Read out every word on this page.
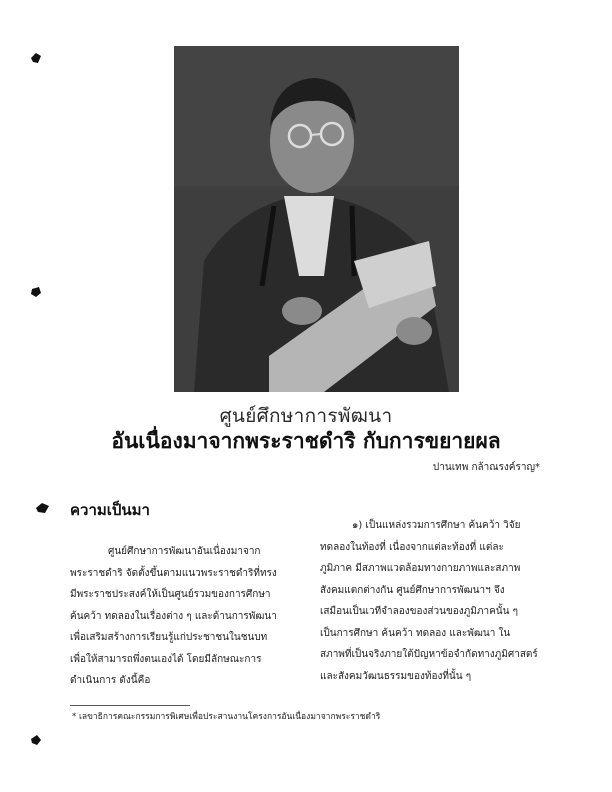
ศูนย์ศึกษาการพัฒนา
อันเนื่องมาจากพระราชดำริ กับการขยายผล
ปานเทพ กล้าณรงค์ราญ*
ความเป็นมา

ศูนย์ศึกษาการพัฒนาอันเนื่องมาจาก

พระราชดำริ จัดตั้งขึ้นตามแนวพระราชดำริที่ทรง

มีพระราชประสงค์ให้เป็นศูนย์รวมของการศึกษา

ค้นคว้า ทดลองในเรื่องต่าง ๆ และด้านการพัฒนา

เพื่อเสริมสร้างการเรียนรู้แก่ประชาชนในชนบท

เพื่อให้สามารถพึ่งตนเองได้ โดยมีลักษณะการ

ดำเนินการ ดังนี้คือ

๑) เป็นแหล่งรวมการศึกษา ค้นคว้า วิจัย

ทดลองในท้องที่ เนื่องจากแต่ละท้องที่ แต่ละ

ภูมิภาค มีสภาพแวดล้อมทางกายภาพและสภาพ

สังคมแตกต่างกัน ศูนย์ศึกษาการพัฒนาฯ จึง

เสมือนเป็นเวทีจำลองของส่วนของภูมิภาคนั้น ๆ

เป็นการศึกษา ค้นคว้า ทดลอง และพัฒนา ใน

สภาพที่เป็นจริงภายใต้ปัญหาข้อจำกัดทางภูมิศาสตร์

และสังคมวัฒนธรรมของท้องที่นั้น ๆ

* เลขาธิการคณะกรรมการพิเศษเพื่อประสานงานโครงการอันเนื่องมาจากพระราชดำริ
